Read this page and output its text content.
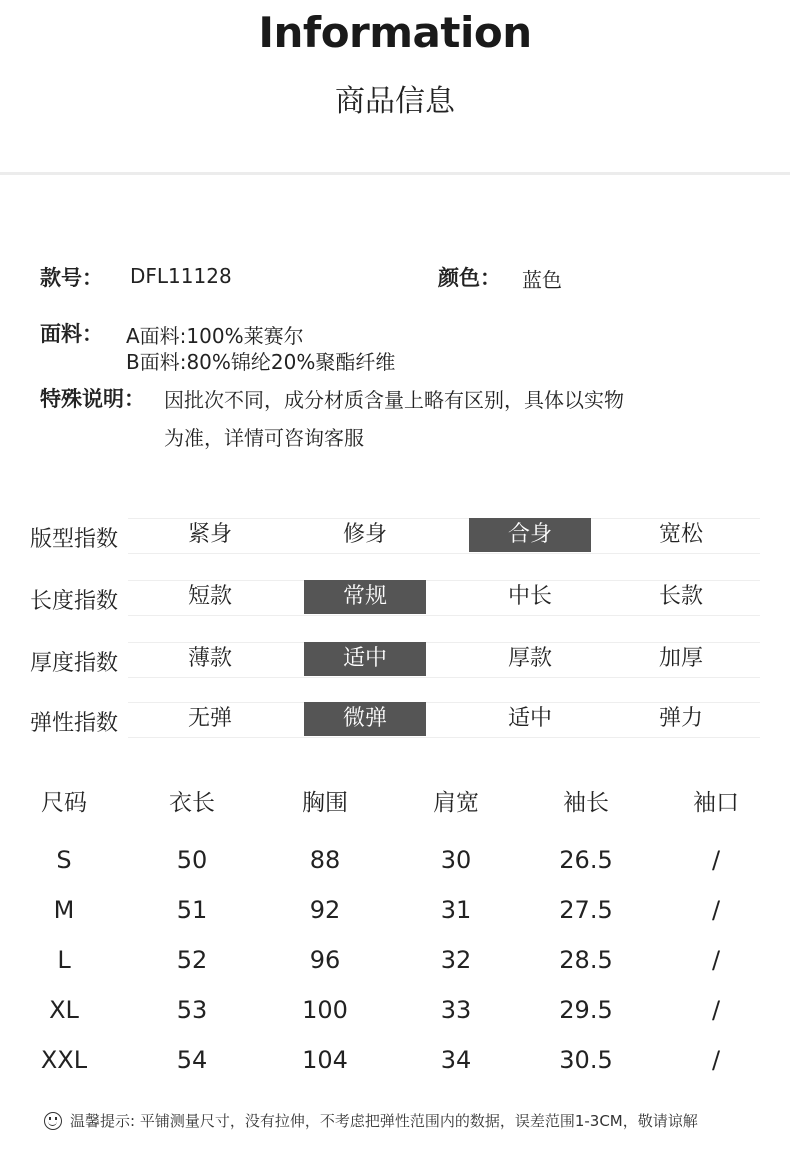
Information
商品信息
款号： DFL11128	颜色： 蓝色
面料： A面料:100%莱赛尔
B面料:80%锦纶20%聚酯纤维
特殊说明： 因批次不同，成分材质含量上略有区别，具体以实物
为准，详情可咨询客服
版型指数	紧身	修身	合身	宽松
长度指数	短款	常规	中长	长款
厚度指数	薄款	适中	厚款	加厚
弹性指数	无弹	微弹	适中	弹力
尺码	衣长	胸围	肩宽	袖长	袖口
S	50	88	30	26.5	/
M	51	92	31	27.5	/
L	52	96	32	28.5	/
XL	53	100	33	29.5	/
XXL	54	104	34	30.5	/
温馨提示: 平铺测量尺寸，没有拉伸，不考虑把弹性范围内的数据，误差范围1-3CM，敬请谅解
